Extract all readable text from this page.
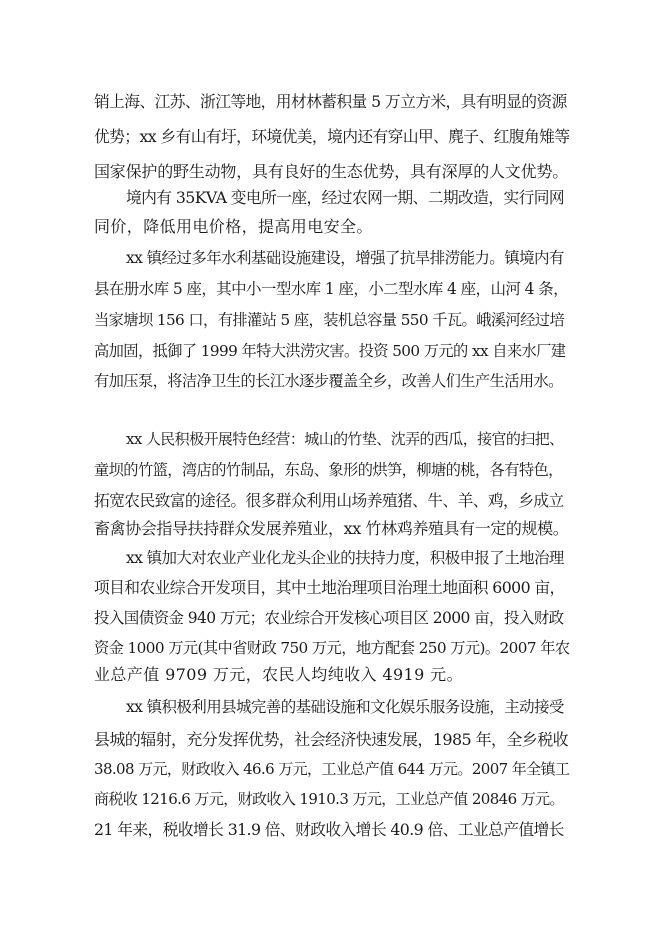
销上海、江苏、浙江等地，用材林蓄积量 5 万立方米，具有明显的资源
优势；xx 乡有山有圩，环境优美，境内还有穿山甲、麂子、红腹角雉等
国家保护的野生动物，具有良好的生态优势，具有深厚的人文优势。
境内有 35KVA 变电所一座，经过农网一期、二期改造，实行同网
同价，降低用电价格，提高用电安全。
xx 镇经过多年水利基础设施建设，增强了抗旱排涝能力。镇境内有
县在册水库 5 座，其中小一型水库 1 座，小二型水库 4 座，山河 4 条，
当家塘坝 156 口，有排灌站 5 座，装机总容量 550 千瓦。峨溪河经过培
高加固，抵御了 1999 年特大洪涝灾害。投资 500 万元的 xx 自来水厂建
有加压泵，将洁净卫生的长江水逐步覆盖全乡，改善人们生产生活用水。
xx 人民积极开展特色经营：城山的竹垫、沈弄的西瓜，接官的扫把、
童坝的竹篮，湾店的竹制品，东岛、象形的烘笋，柳塘的桃，各有特色，
拓宽农民致富的途径。很多群众利用山场养殖猪、牛、羊、鸡，乡成立
畜禽协会指导扶持群众发展养殖业，xx 竹林鸡养殖具有一定的规模。
xx 镇加大对农业产业化龙头企业的扶持力度，积极申报了土地治理
项目和农业综合开发项目，其中土地治理项目治理土地面积 6000 亩，
投入国债资金 940 万元；农业综合开发核心项目区 2000 亩，投入财政
资金 1000 万元(其中省财政 750 万元，地方配套 250 万元)。2007 年农
业总产值 9709 万元，农民人均纯收入 4919 元。
xx 镇积极利用县城完善的基础设施和文化娱乐服务设施，主动接受
县城的辐射，充分发挥优势，社会经济快速发展，1985 年，全乡税收
38.08 万元，财政收入 46.6 万元，工业总产值 644 万元。2007 年全镇工
商税收 1216.6 万元，财政收入 1910.3 万元，工业总产值 20846 万元。
21 年来，税收增长 31.9 倍、财政收入增长 40.9 倍、工业总产值增长
